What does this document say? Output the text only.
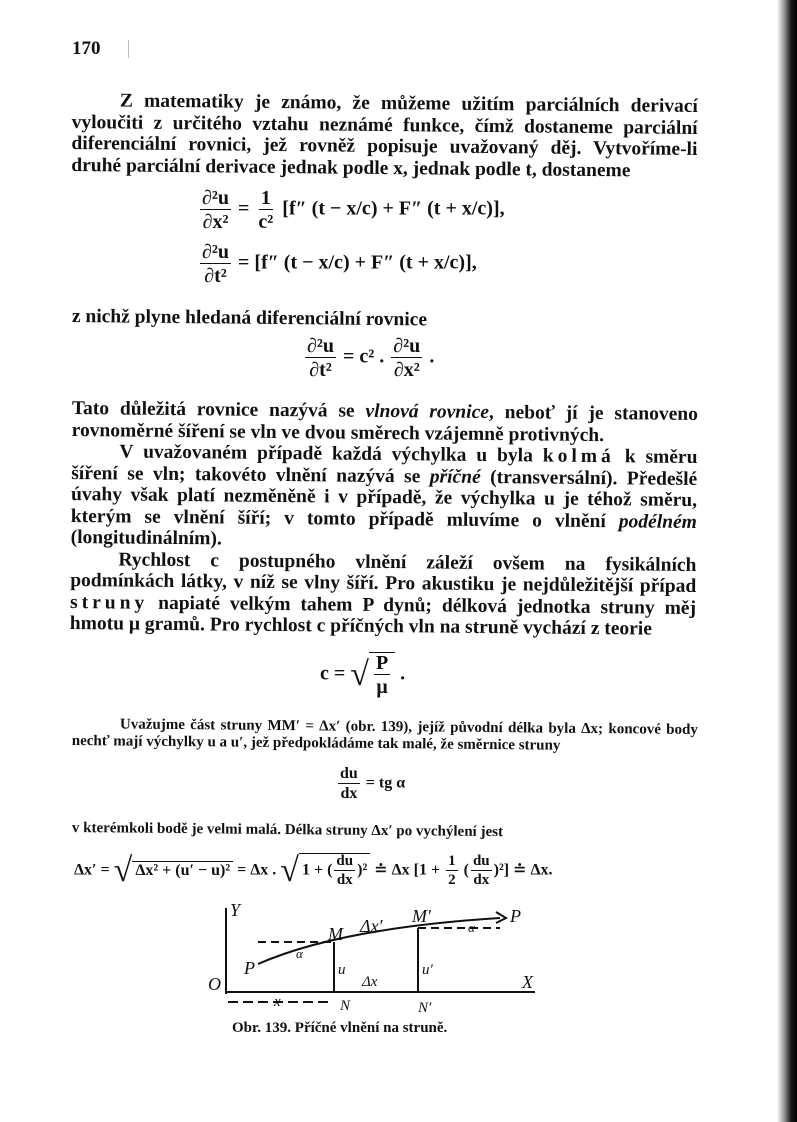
170

Z matematiky je známo, že můžeme užitím parciálních derivací vyloučiti z určitého vztahu neznámé funkce, čímž dostaneme parciální diferenciální rovnici, jež rovněž popisuje uvažovaný děj. Vytvoříme-li druhé parciální derivace jednak podle x, jednak podle t, dostaneme

$\frac{\text{∂²u}}{\text{∂x²}} = \frac{1}{\text{c²}} [f''$ (t − x/c) + F″ (t + x/c)],
$\frac{\text{∂²u}}{\text{∂t²}} = [f''$ (t − x/c) + F″ (t + x/c)],

z nichž plyne hledaná diferenciální rovnice

$\frac{\text{∂²u}}{\text{∂t²}} = c^2$ . $\frac{\text{∂²u}}{\text{∂x²}}$ .

Tato důležitá rovnice nazývá se vlnová rovnice, neboť jí je stanoveno rovnoměrné šíření se vln ve dvou směrech vzájemně protivných.

V uvažovaném případě každá výchylka u byla kolmá k směru šíření se vln; takovéto vlnění nazývá se příčné (transversální). Předešlé úvahy však platí nezměněně i v případě, že výchylka u je téhož směru, kterým se vlnění šíří; v tomto případě mluvíme o vlnění podélném (longitudinálním).

Rychlost c postupného vlnění záleží ovšem na fysikálních podmínkách látky, v níž se vlny šíří. Pro akustiku je nejdůležitější případ struny napiaté velkým tahem P dynů; délková jednotka struny měj hmotu μ gramů. Pro rychlost c příčných vln na struně vychází z teorie

c = √ $\frac{P}{\mu}$ .

Uvažujme část struny MM′ = Δx′ (obr. 139), jejíž původní délka byla Δx; koncové body nechť mají výchylky u a u′, jež předpokládáme tak malé, že směrnice struny

$\frac{du}{dx}$ = tg α

v kterémkoli bodě je velmi malá. Délka struny Δx′ po vychýlení jest

Δx′ = √ Δx² + (u′ − u)² = Δx . √ 1 + ( $\frac{du}{dx} )^2$ ≐ Δx [$1 + \frac{1}{2}$ ( $\frac{du}{dx} )^2$] ≐ Δx.
Y
O
P
α
M Δx′ M′
α
P
u	u′
Δx	X
x	N	N′
Obr. 139. Příčné vlnění na struně.
